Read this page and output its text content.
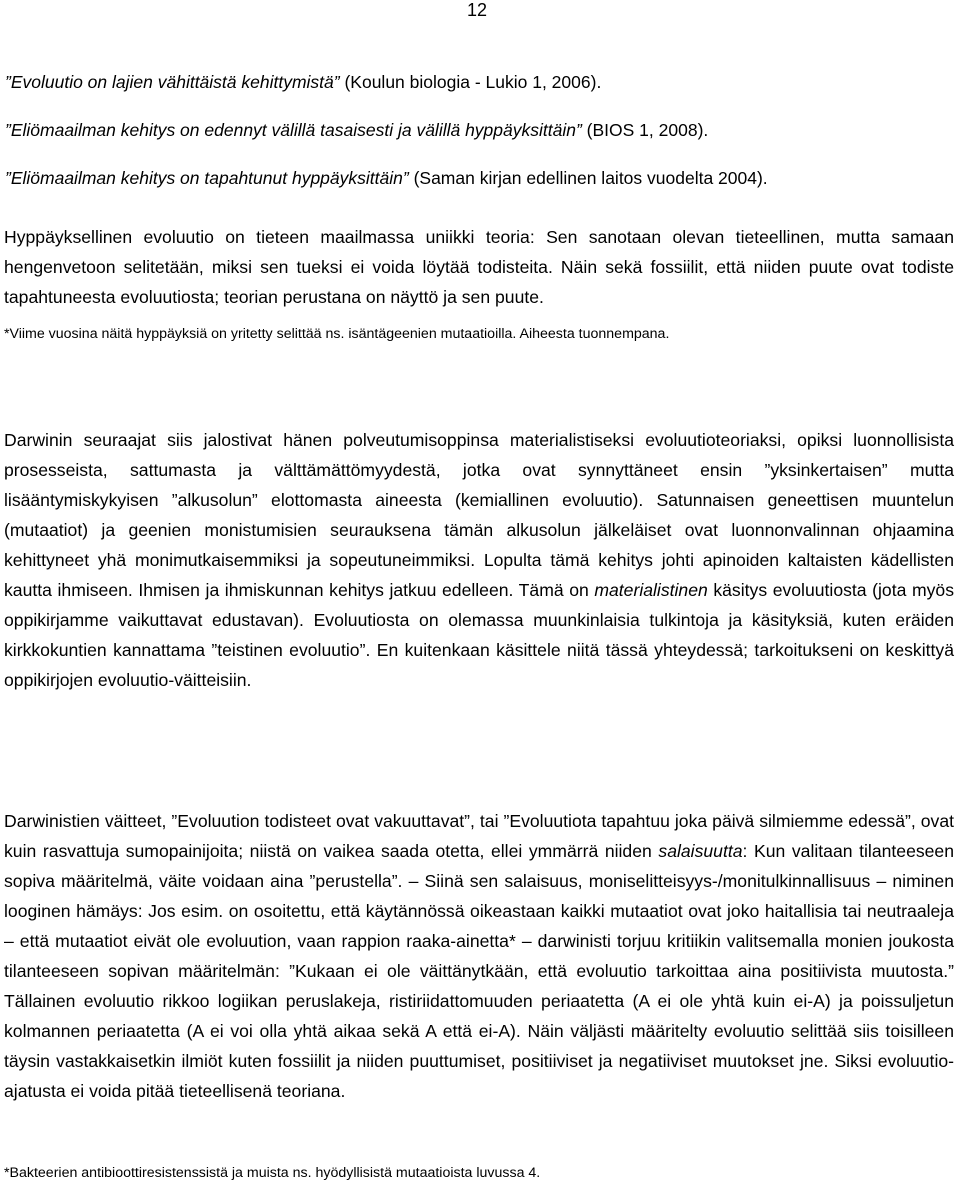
12

”Evoluutio on lajien vähittäistä kehittymistä” (Koulun biologia - Lukio 1, 2006).

”Eliömaailman kehitys on edennyt välillä tasaisesti ja välillä hyppäyksittäin” (BIOS 1, 2008).

”Eliömaailman kehitys on tapahtunut hyppäyksittäin” (Saman kirjan edellinen laitos vuodelta 2004).

Hyppäyksellinen evoluutio on tieteen maailmassa uniikki teoria: Sen sanotaan olevan tieteellinen, mutta samaan hengenvetoon selitetään, miksi sen tueksi ei voida löytää todisteita. Näin sekä fossiilit, että niiden puute ovat todiste tapahtuneesta evoluutiosta; teorian perustana on näyttö ja sen puute.

*Viime vuosina näitä hyppäyksiä on yritetty selittää ns. isäntägeenien mutaatioilla. Aiheesta tuonnempana.

Darwinin seuraajat siis jalostivat hänen polveutumisoppinsa materialistiseksi evoluutioteoriaksi, opiksi luonnollisista prosesseista, sattumasta ja välttämättömyydestä, jotka ovat synnyttäneet ensin ”yksinkertaisen” mutta lisääntymiskykyisen ”alkusolun” elottomasta aineesta (kemiallinen evoluutio). Satunnaisen geneettisen muuntelun (mutaatiot) ja geenien monistumisien seurauksena tämän alkusolun jälkeläiset ovat luonnonvalinnan ohjaamina kehittyneet yhä monimutkaisemmiksi ja sopeutuneimmiksi. Lopulta tämä kehitys johti apinoiden kaltaisten kädellisten kautta ihmiseen. Ihmisen ja ihmiskunnan kehitys jatkuu edelleen. Tämä on materialistinen käsitys evoluutiosta (jota myös oppikirjamme vaikuttavat edustavan). Evoluutiosta on olemassa muunkinlaisia tulkintoja ja käsityksiä, kuten eräiden kirkkokuntien kannattama ”teistinen evoluutio”. En kuitenkaan käsittele niitä tässä yhteydessä; tarkoitukseni on keskittyä oppikirjojen evoluutio-väitteisiin.

Darwinistien väitteet, ”Evoluution todisteet ovat vakuuttavat”, tai ”Evoluutiota tapahtuu joka päivä silmiemme edessä”, ovat kuin rasvattuja sumopainijoita; niistä on vaikea saada otetta, ellei ymmärrä niiden salaisuutta: Kun valitaan tilanteeseen sopiva määritelmä, väite voidaan aina ”perustella”. – Siinä sen salaisuus, moniselitteisyys-/monitulkinnallisuus – niminen looginen hämäys: Jos esim. on osoitettu, että käytännössä oikeastaan kaikki mutaatiot ovat joko haitallisia tai neutraaleja – että mutaatiot eivät ole evoluution, vaan rappion raaka-ainetta* – darwinisti torjuu kritiikin valitsemalla monien joukosta tilanteeseen sopivan määritelmän: ”Kukaan ei ole väittänytkään, että evoluutio tarkoittaa aina positiivista muutosta.” Tällainen evoluutio rikkoo logiikan peruslakeja, ristiriidattomuuden periaatetta (A ei ole yhtä kuin ei-A) ja poissuljetun kolmannen periaatetta (A ei voi olla yhtä aikaa sekä A että ei-A). Näin väljästi määritelty evoluutio selittää siis toisilleen täysin vastakkaisetkin ilmiöt kuten fossiilit ja niiden puuttumiset, positiiviset ja negatiiviset muutokset jne. Siksi evoluutio-ajatusta ei voida pitää tieteellisenä teoriana.

*Bakteerien antibioottiresistenssistä ja muista ns. hyödyllisistä mutaatioista luvussa 4.
